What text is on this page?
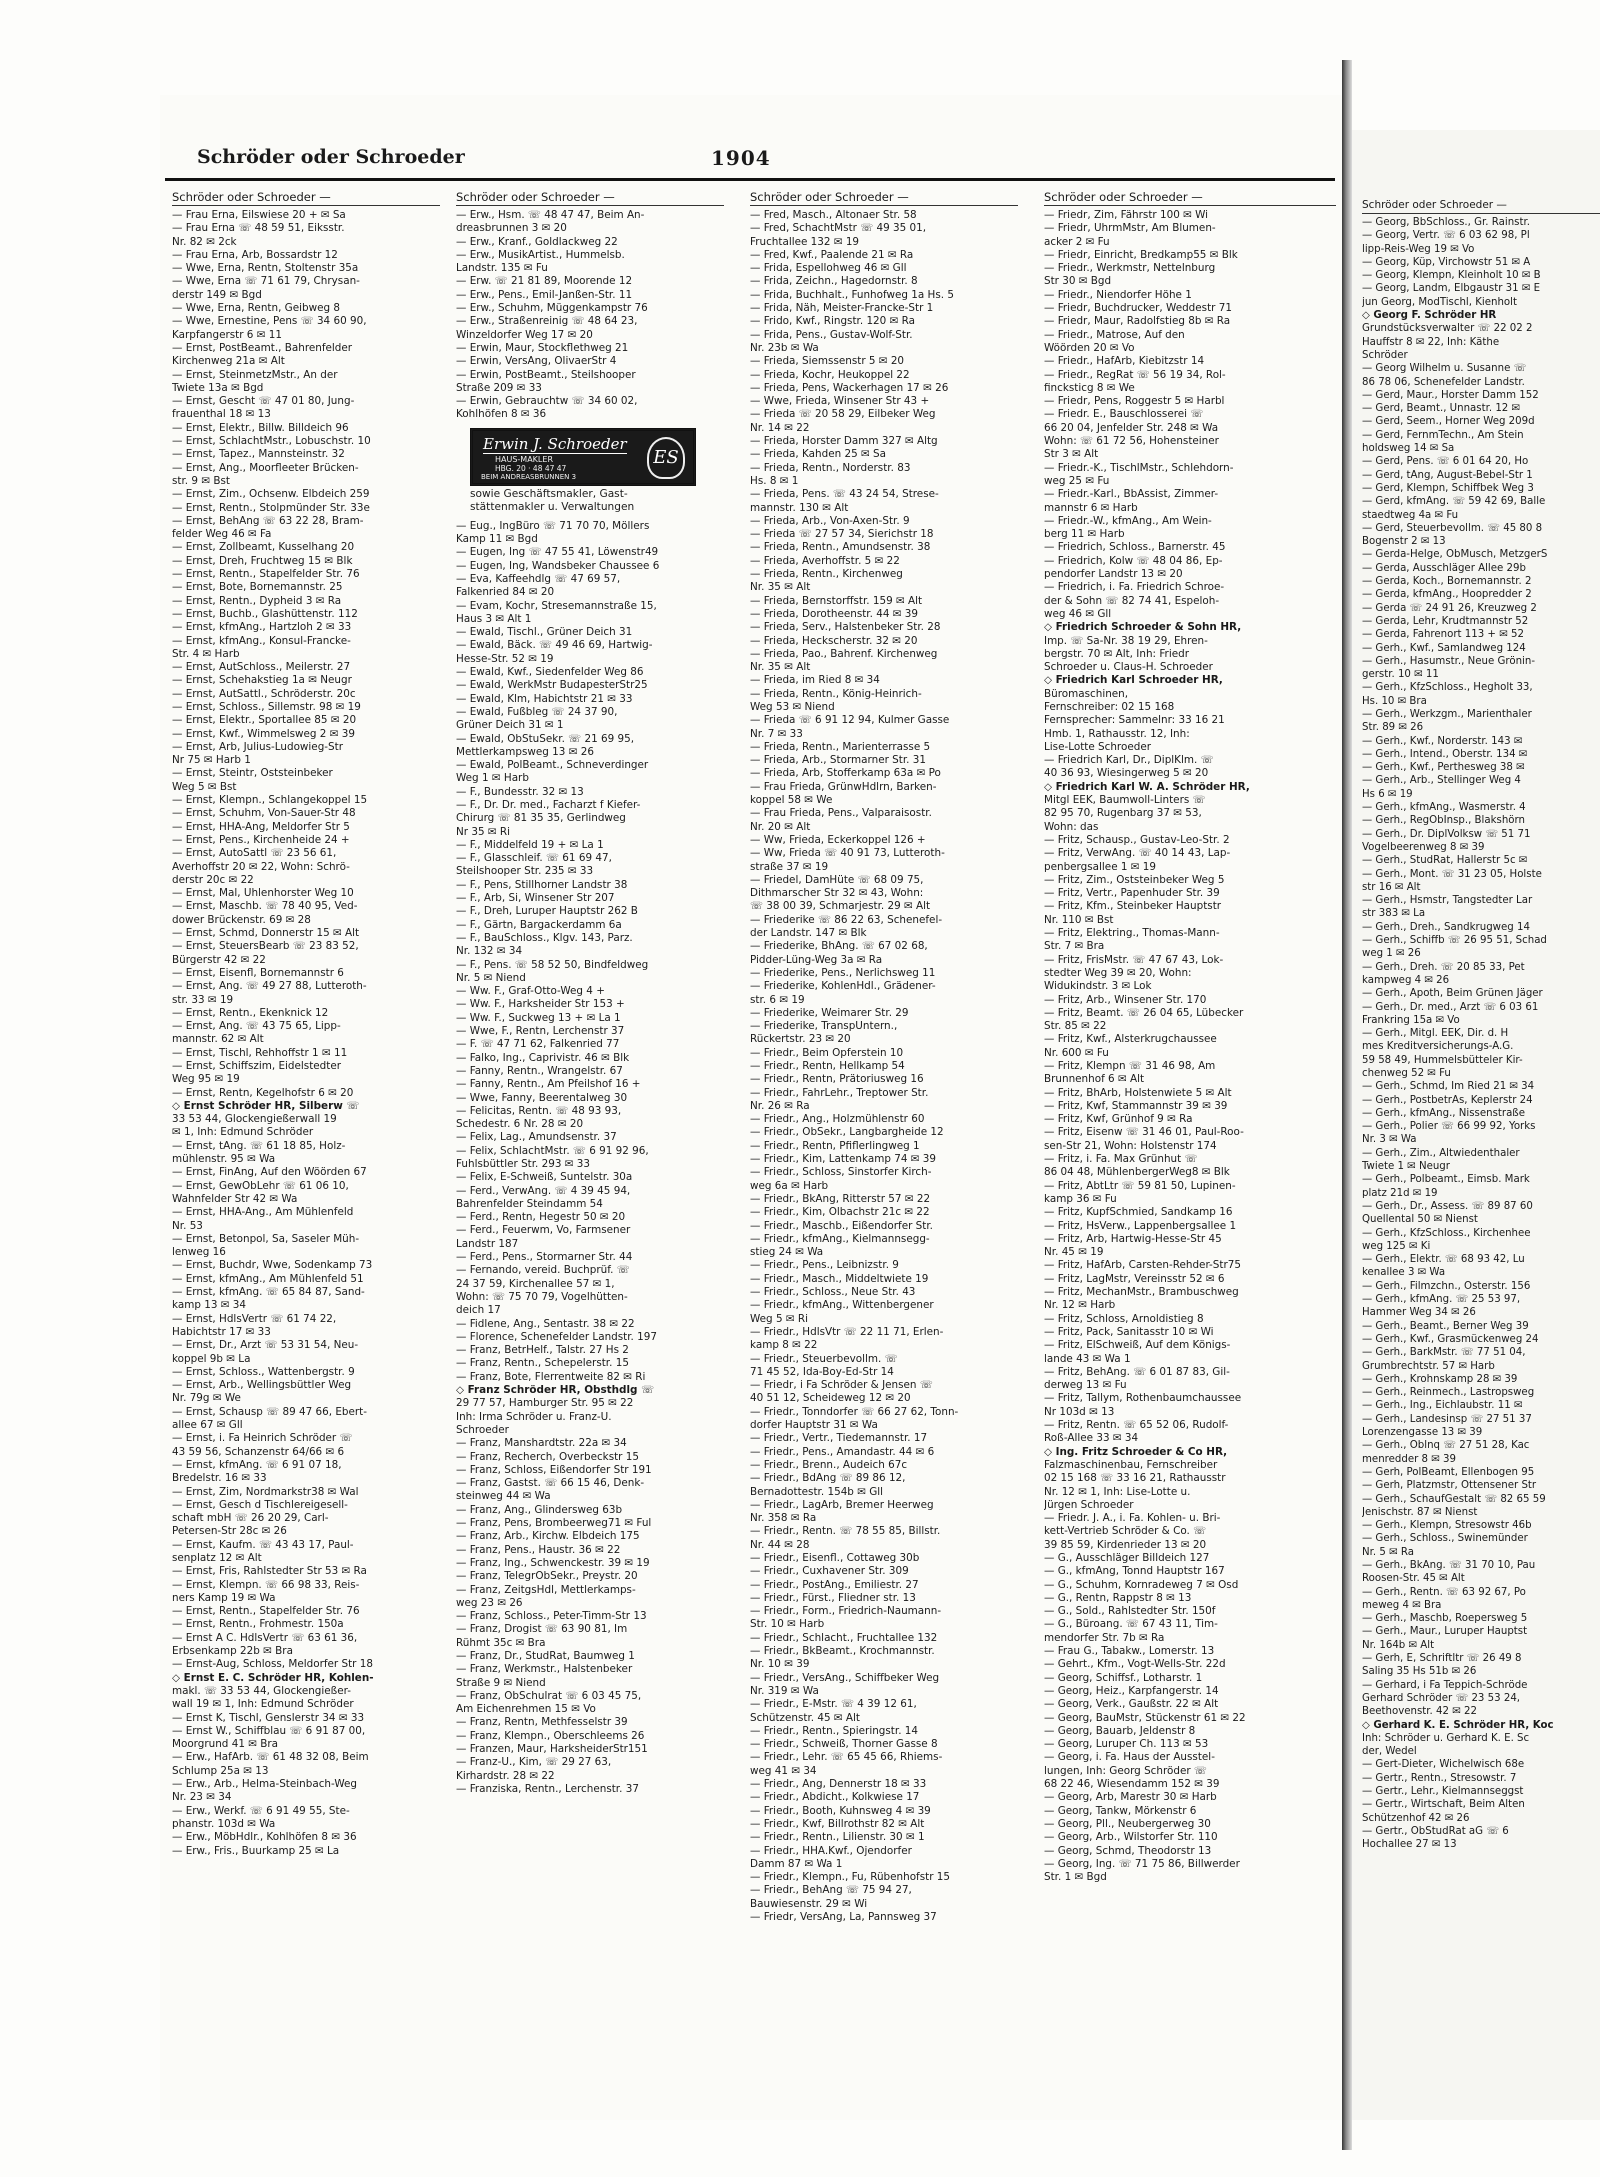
Schröder oder Schroeder	1904
Schröder oder Schroeder —
— Frau Erna, Eilswiese 20 + ✉ Sa
— Frau Erna ☏ 48 59 51, Eiksstr.
Nr. 82 ✉ 2ck
— Frau Erna, Arb, Bossardstr 12
— Wwe, Erna, Rentn, Stoltenstr 35a
— Wwe, Erna ☏ 71 61 79, Chrysan-
derstr 149 ✉ Bgd
— Wwe, Erna, Rentn, Geibweg 8
— Wwe, Ernestine, Pens ☏ 34 60 90,
Karpfangerstr 6 ✉ 11
— Ernst, PostBeamt., Bahrenfelder
Kirchenweg 21a ✉ Alt
— Ernst, SteinmetzMstr., An der
Twiete 13a ✉ Bgd
— Ernst, Gescht ☏ 47 01 80, Jung-
frauenthal 18 ✉ 13
— Ernst, Elektr., Billw. Billdeich 96
— Ernst, SchlachtMstr., Lobuschstr. 10
— Ernst, Tapez., Mannsteinstr. 32
— Ernst, Ang., Moorfleeter Brücken-
str. 9 ✉ Bst
— Ernst, Zim., Ochsenw. Elbdeich 259
— Ernst, Rentn., Stolpmünder Str. 33e
— Ernst, BehAng ☏ 63 22 28, Bram-
felder Weg 46 ✉ Fa
— Ernst, Zollbeamt, Kusselhang 20
— Ernst, Dreh, Fruchtweg 15 ✉ Blk
— Ernst, Rentn., Stapelfelder Str. 76
— Ernst, Bote, Bornemannstr. 25
— Ernst, Rentn., Dypheid 3 ✉ Ra
— Ernst, Buchb., Glashüttenstr. 112
— Ernst, kfmAng., Hartzloh 2 ✉ 33
— Ernst, kfmAng., Konsul-Francke-
Str. 4 ✉ Harb
— Ernst, AutSchloss., Meilerstr. 27
— Ernst, Schehakstieg 1a ✉ Neugr
— Ernst, AutSattl., Schröderstr. 20c
— Ernst, Schloss., Sillemstr. 98 ✉ 19
— Ernst, Elektr., Sportallee 85 ✉ 20
— Ernst, Kwf., Wimmelsweg 2 ✉ 39
— Ernst, Arb, Julius-Ludowieg-Str
Nr 75 ✉ Harb 1
— Ernst, Steintr, Oststeinbeker
Weg 5 ✉ Bst
— Ernst, Klempn., Schlangekoppel 15
— Ernst, Schuhm, Von-Sauer-Str 48
— Ernst, HHA-Ang, Meldorfer Str 5
— Ernst, Pens., Kirchenheide 24 +
— Ernst, AutoSattl ☏ 23 56 61,
Averhoffstr 20 ✉ 22, Wohn: Schrö-
derstr 20c ✉ 22
— Ernst, Mal, Uhlenhorster Weg 10
— Ernst, Maschb. ☏ 78 40 95, Ved-
dower Brückenstr. 69 ✉ 28
— Ernst, Schmd, Donnerstr 15 ✉ Alt
— Ernst, SteuersBearb ☏ 23 83 52,
Bürgerstr 42 ✉ 22
— Ernst, Eisenfl, Bornemannstr 6
— Ernst, Ang. ☏ 49 27 88, Lutteroth-
str. 33 ✉ 19
— Ernst, Rentn., Ekenknick 12
— Ernst, Ang. ☏ 43 75 65, Lipp-
mannstr. 62 ✉ Alt
— Ernst, Tischl, Rehhoffstr 1 ✉ 11
— Ernst, Schiffszim, Eidelstedter
Weg 95 ✉ 19
— Ernst, Rentn, Kegelhofstr 6 ✉ 20
◇ Ernst Schröder HR, Silberw ☏
33 53 44, Glockengießerwall 19
✉ 1, Inh: Edmund Schröder
— Ernst, tAng. ☏ 61 18 85, Holz-
mühlenstr. 95 ✉ Wa
— Ernst, FinAng, Auf den Wöörden 67
— Ernst, GewObLehr ☏ 61 06 10,
Wahnfelder Str 42 ✉ Wa
— Ernst, HHA-Ang., Am Mühlenfeld
Nr. 53
— Ernst, Betonpol, Sa, Saseler Müh-
lenweg 16
— Ernst, Buchdr, Wwe, Sodenkamp 73
— Ernst, kfmAng., Am Mühlenfeld 51
— Ernst, kfmAng. ☏ 65 84 87, Sand-
kamp 13 ✉ 34
— Ernst, HdlsVertr ☏ 61 74 22,
Habichtstr 17 ✉ 33
— Ernst, Dr., Arzt ☏ 53 31 54, Neu-
koppel 9b ✉ La
— Ernst, Schloss., Wattenbergstr. 9
— Ernst, Arb., Wellingsbüttler Weg
Nr. 79g ✉ We
— Ernst, Schausp ☏ 89 47 66, Ebert-
allee 67 ✉ Gll
— Ernst, i. Fa Heinrich Schröder ☏
43 59 56, Schanzenstr 64/66 ✉ 6
— Ernst, kfmAng. ☏ 6 91 07 18,
Bredelstr. 16 ✉ 33
— Ernst, Zim, Nordmarkstr38 ✉ Wal
— Ernst, Gesch d Tischlereigesell-
schaft mbH ☏ 26 20 29, Carl-
Petersen-Str 28c ✉ 26
— Ernst, Kaufm. ☏ 43 43 17, Paul-
senplatz 12 ✉ Alt
— Ernst, Fris, Rahlstedter Str 53 ✉ Ra
— Ernst, Klempn. ☏ 66 98 33, Reis-
ners Kamp 19 ✉ Wa
— Ernst, Rentn., Stapelfelder Str. 76
— Ernst, Rentn., Frohmestr. 150a
— Ernst A C. HdlsVertr ☏ 63 61 36,
Erbsenkamp 22b ✉ Bra
— Ernst-Aug, Schloss, Meldorfer Str 18
◇ Ernst E. C. Schröder HR, Kohlen-
makl. ☏ 33 53 44, Glockengießer-
wall 19 ✉ 1, Inh: Edmund Schröder
— Ernst K, Tischl, Genslerstr 34 ✉ 33
— Ernst W., Schiffblau ☏ 6 91 87 00,
Moorgrund 41 ✉ Bra
— Erw., HafArb. ☏ 61 48 32 08, Beim
Schlump 25a ✉ 13
— Erw., Arb., Helma-Steinbach-Weg
Nr. 23 ✉ 34
— Erw., Werkf. ☏ 6 91 49 55, Ste-
phanstr. 103d ✉ Wa
— Erw., MöbHdlr., Kohlhöfen 8 ✉ 36
— Erw., Fris., Buurkamp 25 ✉ La
Schröder oder Schroeder —
— Erw., Hsm. ☏ 48 47 47, Beim An-
dreasbrunnen 3 ✉ 20
— Erw., Kranf., Goldlackweg 22
— Erw., MusikArtist., Hummelsb.
Landstr. 135 ✉ Fu
— Erw. ☏ 21 81 89, Moorende 12
— Erw., Pens., Emil-Janßen-Str. 11
— Erw., Schuhm, Müggenkampstr 76
— Erw., Straßenreinig ☏ 48 64 23,
Winzeldorfer Weg 17 ✉ 20
— Erwin, Maur, Stockflethweg 21
— Erwin, VersAng, OlivaerStr 4
— Erwin, PostBeamt., Steilshooper
Straße 209 ✉ 33
— Erwin, Gebrauchtw ☏ 34 60 02,
Kohlhöfen 8 ✉ 36
Erwin J. Schroeder
HAUS-MAKLER
HBG. 20 · 48 47 47
BEIM ANDREASBRUNNEN 3
ES
sowie Geschäftsmakler, Gast-
stättenmakler u. Verwaltungen
— Eug., IngBüro ☏ 71 70 70, Möllers
Kamp 11 ✉ Bgd
— Eugen, Ing ☏ 47 55 41, Löwenstr49
— Eugen, Ing, Wandsbeker Chaussee 6
— Eva, Kaffeehdlg ☏ 47 69 57,
Falkenried 84 ✉ 20
— Evam, Kochr, Stresemannstraße 15,
Haus 3 ✉ Alt 1
— Ewald, Tischl., Grüner Deich 31
— Ewald, Bäck. ☏ 49 46 69, Hartwig-
Hesse-Str. 52 ✉ 19
— Ewald, Kwf., Siedenfelder Weg 86
— Ewald, WerkMstr BudapesterStr25
— Ewald, Klm, Habichtstr 21 ✉ 33
— Ewald, Fußbleg ☏ 24 37 90,
Grüner Deich 31 ✉ 1
— Ewald, ObStuSekr. ☏ 21 69 95,
Mettlerkampsweg 13 ✉ 26
— Ewald, PolBeamt., Schneverdinger
Weg 1 ✉ Harb
— F., Bundesstr. 32 ✉ 13
— F., Dr. Dr. med., Facharzt f Kiefer-
Chirurg ☏ 81 35 35, Gerlindweg
Nr 35 ✉ Ri
— F., Middelfeld 19 + ✉ La 1
— F., Glasschleif. ☏ 61 69 47,
Steilshooper Str. 235 ✉ 33
— F., Pens, Stillhorner Landstr 38
— F., Arb, Si, Winsener Str 207
— F., Dreh, Luruper Hauptstr 262 B
— F., Gärtn, Bargackerdamm 6a
— F., BauSchloss., Klgv. 143, Parz.
Nr. 132 ✉ 34
— F., Pens. ☏ 58 52 50, Bindfeldweg
Nr. 5 ✉ Niend
— Ww. F., Graf-Otto-Weg 4 +
— Ww. F., Harksheider Str 153 +
— Ww. F., Suckweg 13 + ✉ La 1
— Wwe, F., Rentn, Lerchenstr 37
— F. ☏ 47 71 62, Falkenried 77
— Falko, Ing., Caprivistr. 46 ✉ Blk
— Fanny, Rentn., Wrangelstr. 67
— Fanny, Rentn., Am Pfeilshof 16 +
— Wwe, Fanny, Beerentalweg 30
— Felicitas, Rentn. ☏ 48 93 93,
Schedestr. 6 Nr. 28 ✉ 20
— Felix, Lag., Amundsenstr. 37
— Felix, SchlachtMstr. ☏ 6 91 92 96,
Fuhlsbüttler Str. 293 ✉ 33
— Felix, E-Schweiß, Suntelstr. 30a
— Ferd., VerwAng. ☏ 4 39 45 94,
Bahrenfelder Steindamm 54
— Ferd., Rentn, Hegestr 50 ✉ 20
— Ferd., Feuerwm, Vo, Farmsener
Landstr 187
— Ferd., Pens., Stormarner Str. 44
— Fernando, vereid. Buchprüf. ☏
24 37 59, Kirchenallee 57 ✉ 1,
Wohn: ☏ 75 70 79, Vogelhütten-
deich 17
— Fidlene, Ang., Sentastr. 38 ✉ 22
— Florence, Schenefelder Landstr. 197
— Franz, BetrHelf., Talstr. 27 Hs 2
— Franz, Rentn., Schepelerstr. 15
— Franz, Bote, Flerrentweite 82 ✉ Ri
◇ Franz Schröder HR, Obsthdlg ☏
29 77 57, Hamburger Str. 95 ✉ 22
Inh: Irma Schröder u. Franz-U.
Schroeder
— Franz, Manshardtstr. 22a ✉ 34
— Franz, Recherch, Overbeckstr 15
— Franz, Schloss, Eißendorfer Str 191
— Franz, Gastst. ☏ 66 15 46, Denk-
steinweg 44 ✉ Wa
— Franz, Ang., Glindersweg 63b
— Franz, Pens, Brombeerweg71 ✉ Ful
— Franz, Arb., Kirchw. Elbdeich 175
— Franz, Pens., Haustr. 36 ✉ 22
— Franz, Ing., Schwenckestr. 39 ✉ 19
— Franz, TelegrObSekr., Preystr. 20
— Franz, ZeitgsHdl, Mettlerkamps-
weg 23 ✉ 26
— Franz, Schloss., Peter-Timm-Str 13
— Franz, Drogist ☏ 63 90 81, Im
Rühmt 35c ✉ Bra
— Franz, Dr., StudRat, Baumweg 1
— Franz, Werkmstr., Halstenbeker
Straße 9 ✉ Niend
— Franz, ObSchulrat ☏ 6 03 45 75,
Am Eichenrehmen 15 ✉ Vo
— Franz, Rentn, Methfesselstr 39
— Franz, Klempn., Oberschleems 26
— Franzen, Maur, HarksheiderStr151
— Franz-U., Kim, ☏ 29 27 63,
Kirhardstr. 28 ✉ 22
— Franziska, Rentn., Lerchenstr. 37
Schröder oder Schroeder —
— Fred, Masch., Altonaer Str. 58
— Fred, SchachtMstr ☏ 49 35 01,
Fruchtallee 132 ✉ 19
— Fred, Kwf., Paalende 21 ✉ Ra
— Frida, Espellohweg 46 ✉ Gll
— Frida, Zeichn., Hagedornstr. 8
— Frida, Buchhalt., Funhofweg 1a Hs. 5
— Frida, Näh, Meister-Francke-Str 1
— Frido, Kwf., Ringstr. 120 ✉ Ra
— Frida, Pens., Gustav-Wolf-Str.
Nr. 23b ✉ Wa
— Frieda, Siemssenstr 5 ✉ 20
— Frieda, Kochr, Heukoppel 22
— Frieda, Pens, Wackerhagen 17 ✉ 26
— Wwe, Frieda, Winsener Str 43 +
— Frieda ☏ 20 58 29, Eilbeker Weg
Nr. 14 ✉ 22
— Frieda, Horster Damm 327 ✉ Altg
— Frieda, Kahden 25 ✉ Sa
— Frieda, Rentn., Norderstr. 83
Hs. 8 ✉ 1
— Frieda, Pens. ☏ 43 24 54, Strese-
mannstr. 130 ✉ Alt
— Frieda, Arb., Von-Axen-Str. 9
— Frieda ☏ 27 57 34, Sierichstr 18
— Frieda, Rentn., Amundsenstr. 38
— Frieda, Averhoffstr. 5 ✉ 22
— Frieda, Rentn., Kirchenweg
Nr. 35 ✉ Alt
— Frieda, Bernstorffstr. 159 ✉ Alt
— Frieda, Dorotheenstr. 44 ✉ 39
— Frieda, Serv., Halstenbeker Str. 28
— Frieda, Heckscherstr. 32 ✉ 20
— Frieda, Pao., Bahrenf. Kirchenweg
Nr. 35 ✉ Alt
— Frieda, im Ried 8 ✉ 34
— Frieda, Rentn., König-Heinrich-
Weg 53 ✉ Niend
— Frieda ☏ 6 91 12 94, Kulmer Gasse
Nr. 7 ✉ 33
— Frieda, Rentn., Marienterrasse 5
— Frieda, Arb., Stormarner Str. 31
— Frieda, Arb, Stofferkamp 63a ✉ Po
— Frau Frieda, GrünwHdlrn, Barken-
koppel 58 ✉ We
— Frau Frieda, Pens., Valparaisostr.
Nr. 20 ✉ Alt
— Ww, Frieda, Eckerkoppel 126 +
— Ww, Frieda ☏ 40 91 73, Lutteroth-
straße 37 ✉ 19
— Friedel, DamHüte ☏ 68 09 75,
Dithmarscher Str 32 ✉ 43, Wohn:
☏ 38 00 39, Schmarjestr. 29 ✉ Alt
— Friederike ☏ 86 22 63, Schenefel-
der Landstr. 147 ✉ Blk
— Friederike, BhAng. ☏ 67 02 68,
Pidder-Lüng-Weg 3a ✉ Ra
— Friederike, Pens., Nerlichsweg 11
— Friederike, KohlenHdl., Grädener-
str. 6 ✉ 19
— Friederike, Weimarer Str. 29
— Friederike, TranspUntern.,
Rückertstr. 23 ✉ 20
— Friedr., Beim Opferstein 10
— Friedr., Rentn, Hellkamp 54
— Friedr., Rentn, Prätoriusweg 16
— Friedr., FahrLehr., Treptower Str.
Nr. 26 ✉ Ra
— Friedr., Ang., Holzmühlenstr 60
— Friedr., ObSekr., Langbargheide 12
— Friedr., Rentn, Pfiflerlingweg 1
— Friedr., Kim, Lattenkamp 74 ✉ 39
— Friedr., Schloss, Sinstorfer Kirch-
weg 6a ✉ Harb
— Friedr., BkAng, Ritterstr 57 ✉ 22
— Friedr., Kim, Olbachstr 21c ✉ 22
— Friedr., Maschb., Eißendorfer Str.
— Friedr., kfmAng., Kielmannsegg-
stieg 24 ✉ Wa
— Friedr., Pens., Leibnizstr. 9
— Friedr., Masch., Middeltwiete 19
— Friedr., Schloss., Neue Str. 43
— Friedr., kfmAng., Wittenbergener
Weg 5 ✉ Ri
— Friedr., HdlsVtr ☏ 22 11 71, Erlen-
kamp 8 ✉ 22
— Friedr., Steuerbevollm. ☏
71 45 52, Ida-Boy-Ed-Str 14
— Friedr, i Fa Schröder & Jensen ☏
40 51 12, Scheideweg 12 ✉ 20
— Friedr., Tonndorfer ☏ 66 27 62, Tonn-
dorfer Hauptstr 31 ✉ Wa
— Friedr., Vertr., Tiedemannstr. 17
— Friedr., Pens., Amandastr. 44 ✉ 6
— Friedr., Brenn., Audeich 67c
— Friedr., BdAng ☏ 89 86 12,
Bernadottestr. 154b ✉ Gll
— Friedr., LagArb, Bremer Heerweg
Nr. 358 ✉ Ra
— Friedr., Rentn. ☏ 78 55 85, Billstr.
Nr. 44 ✉ 28
— Friedr., Eisenfl., Cottaweg 30b
— Friedr., Cuxhavener Str. 309
— Friedr., PostAng., Emiliestr. 27
— Friedr., Fürst., Fliedner str. 13
— Friedr., Form., Friedrich-Naumann-
Str. 10 ✉ Harb
— Friedr., Schlacht., Fruchtallee 132
— Friedr., BkBeamt., Krochmannstr.
Nr. 10 ✉ 39
— Friedr., VersAng., Schiffbeker Weg
Nr. 319 ✉ Wa
— Friedr., E-Mstr. ☏ 4 39 12 61,
Schützenstr. 45 ✉ Alt
— Friedr., Rentn., Spieringstr. 14
— Friedr., Schweiß, Thorner Gasse 8
— Friedr., Lehr. ☏ 65 45 66, Rhiems-
weg 41 ✉ 34
— Friedr., Ang, Dennerstr 18 ✉ 33
— Friedr., Abdicht., Kolkwiese 17
— Friedr., Booth, Kuhnsweg 4 ✉ 39
— Friedr., Kwf, Billrothstr 82 ✉ Alt
— Friedr., Rentn., Lilienstr. 30 ✉ 1
— Friedr., HHA.Kwf., Ojendorfer
Damm 87 ✉ Wa 1
— Friedr., Klempn., Fu, Rübenhofstr 15
— Friedr., BehAng ☏ 75 94 27,
Bauwiesenstr. 29 ✉ Wi
— Friedr, VersAng, La, Pannsweg 37
Schröder oder Schroeder —
— Friedr, Zim, Fährstr 100 ✉ Wi
— Friedr, UhrmMstr, Am Blumen-
acker 2 ✉ Fu
— Friedr, Einricht, Bredkamp55 ✉ Blk
— Friedr., Werkmstr, Nettelnburg
Str 30 ✉ Bgd
— Friedr., Niendorfer Höhe 1
— Friedr, Buchdrucker, Weddestr 71
— Friedr, Maur, Radolfstieg 8b ✉ Ra
— Friedr., Matrose, Auf den
Wöörden 20 ✉ Vo
— Friedr., HafArb, Kiebitzstr 14
— Friedr., RegRat ☏ 56 19 34, Rol-
fincksticg 8 ✉ We
— Friedr, Pens, Roggestr 5 ✉ Harbl
— Friedr. E., Bauschlosserei ☏
66 20 04, Jenfelder Str. 248 ✉ Wa
Wohn: ☏ 61 72 56, Hohensteiner
Str 3 ✉ Alt
— Friedr.-K., TischlMstr., Schlehdorn-
weg 25 ✉ Fu
— Friedr.-Karl., BbAssist, Zimmer-
mannstr 6 ✉ Harb
— Friedr.-W., kfmAng., Am Wein-
berg 11 ✉ Harb
— Friedrich, Schloss., Barnerstr. 45
— Friedrich, Kolw ☏ 48 04 86, Ep-
pendorfer Landstr 13 ✉ 20
— Friedrich, i. Fa. Friedrich Schroe-
der & Sohn ☏ 82 74 41, Espeloh-
weg 46 ✉ Gll
◇ Friedrich Schroeder & Sohn HR,
Imp. ☏ Sa-Nr. 38 19 29, Ehren-
bergstr. 70 ✉ Alt, Inh: Friedr
Schroeder u. Claus-H. Schroeder
◇ Friedrich Karl Schroeder HR,
Büromaschinen,
Fernschreiber: 02 15 168
Fernsprecher: Sammelnr: 33 16 21
Hmb. 1, Rathausstr. 12, Inh:
Lise-Lotte Schroeder
— Friedrich Karl, Dr., DiplKlm. ☏
40 36 93, Wiesingerweg 5 ✉ 20
◇ Friedrich Karl W. A. Schröder HR,
Mitgl EEK, Baumwoll-Linters ☏
82 95 70, Rugenbarg 37 ✉ 53,
Wohn: das
— Fritz, Schausp., Gustav-Leo-Str. 2
— Fritz, VerwAng. ☏ 40 14 43, Lap-
penbergsallee 1 ✉ 19
— Fritz, Zim., Oststeinbeker Weg 5
— Fritz, Vertr., Papenhuder Str. 39
— Fritz, Kfm., Steinbeker Hauptstr
Nr. 110 ✉ Bst
— Fritz, Elektring., Thomas-Mann-
Str. 7 ✉ Bra
— Fritz, FrisMstr. ☏ 47 67 43, Lok-
stedter Weg 39 ✉ 20, Wohn:
Widukindstr. 3 ✉ Lok
— Fritz, Arb., Winsener Str. 170
— Fritz, Beamt. ☏ 26 04 65, Lübecker
Str. 85 ✉ 22
— Fritz, Kwf., Alsterkrugchaussee
Nr. 600 ✉ Fu
— Fritz, Klempn ☏ 31 46 98, Am
Brunnenhof 6 ✉ Alt
— Fritz, BhArb, Holstenwiete 5 ✉ Alt
— Fritz, Kwf, Stammannstr 39 ✉ 39
— Fritz, Kwf, Grünhof 9 ✉ Ra
— Fritz, Eisenw ☏ 31 46 01, Paul-Roo-
sen-Str 21, Wohn: Holstenstr 174
— Fritz, i. Fa. Max Grünhut ☏
86 04 48, MühlenbergerWeg8 ✉ Blk
— Fritz, AbtLtr ☏ 59 81 50, Lupinen-
kamp 36 ✉ Fu
— Fritz, KupfSchmied, Sandkamp 16
— Fritz, HsVerw., Lappenbergsallee 1
— Fritz, Arb, Hartwig-Hesse-Str 45
Nr. 45 ✉ 19
— Fritz, HafArb, Carsten-Rehder-Str75
— Fritz, LagMstr, Vereinsstr 52 ✉ 6
— Fritz, MechanMstr., Brambuschweg
Nr. 12 ✉ Harb
— Fritz, Schloss, Arnoldistieg 8
— Fritz, Pack, Sanitasstr 10 ✉ Wi
— Fritz, ElSchweiß, Auf dem Königs-
lande 43 ✉ Wa 1
— Fritz, BehAng. ☏ 6 01 87 83, Gil-
derweg 13 ✉ Fu
— Fritz, Tallym, Rothenbaumchaussee
Nr 103d ✉ 13
— Fritz, Rentn. ☏ 65 52 06, Rudolf-
Roß-Allee 33 ✉ 34
◇ Ing. Fritz Schroeder & Co HR,
Falzmaschinenbau, Fernschreiber
02 15 168 ☏ 33 16 21, Rathausstr
Nr. 12 ✉ 1, Inh: Lise-Lotte u.
Jürgen Schroeder
— Friedr. J. A., i. Fa. Kohlen- u. Bri-
kett-Vertrieb Schröder & Co. ☏
39 85 59, Kirdenrieder 13 ✉ 20
— G., Ausschläger Billdeich 127
— G., kfmAng, Tonnd Hauptstr 167
— G., Schuhm, Kornradeweg 7 ✉ Osd
— G., Rentn, Rappstr 8 ✉ 13
— G., Sold., Rahlstedter Str. 150f
— G., Büroang. ☏ 67 43 11, Tim-
mendorfer Str. 7b ✉ Ra
— Frau G., Tabakw., Lomerstr. 13
— Gehrt., Kfm., Vogt-Wells-Str. 22d
— Georg, Schiffsf., Lotharstr. 1
— Georg, Heiz., Karpfangerstr. 14
— Georg, Verk., Gaußstr. 22 ✉ Alt
— Georg, BauMstr, Stückenstr 61 ✉ 22
— Georg, Bauarb, Jeldenstr 8
— Georg, Luruper Ch. 113 ✉ 53
— Georg, i. Fa. Haus der Ausstel-
lungen, Inh: Georg Schröder ☏
68 22 46, Wiesendamm 152 ✉ 39
— Georg, Arb, Marestr 30 ✉ Harb
— Georg, Tankw, Mörkenstr 6
— Georg, Pll., Neubergerweg 30
— Georg, Arb., Wilstorfer Str. 110
— Georg, Schmd, Theodorstr 13
— Georg, Ing. ☏ 71 75 86, Billwerder
Str. 1 ✉ Bgd
Schröder oder Schroeder —
— Georg, BbSchloss., Gr. Rainstr.
— Georg, Vertr. ☏ 6 03 62 98, Pl
lipp-Reis-Weg 19 ✉ Vo
— Georg, Küp, Virchowstr 51 ✉ A
— Georg, Klempn, Kleinholt 10 ✉ B
— Georg, Landm, Elbgaustr 31 ✉ E
jun Georg, ModTischl, Kienholt
◇ Georg F. Schröder HR
Grundstücksverwalter ☏ 22 02 2
Hauffstr 8 ✉ 22, Inh: Käthe
Schröder
— Georg Wilhelm u. Susanne ☏
86 78 06, Schenefelder Landstr.
— Gerd, Maur., Horster Damm 152
— Gerd, Beamt., Unnastr. 12 ✉
— Gerd, Seem., Horner Weg 209d
— Gerd, FernmTechn., Am Stein
holdsweg 14 ✉ Sa
— Gerd, Pens. ☏ 6 01 64 20, Ho
— Gerd, tAng, August-Bebel-Str 1
— Gerd, Klempn, Schiffbek Weg 3
— Gerd, kfmAng. ☏ 59 42 69, Balle
staedtweg 4a ✉ Fu
— Gerd, Steuerbevollm. ☏ 45 80 8
Bogenstr 2 ✉ 13
— Gerda-Helge, ObMusch, MetzgerS
— Gerda, Ausschläger Allee 29b
— Gerda, Koch., Bornemannstr. 2
— Gerda, kfmAng., Hoopredder 2
— Gerda ☏ 24 91 26, Kreuzweg 2
— Gerda, Lehr, Krudtmannstr 52
— Gerda, Fahrenort 113 + ✉ 52
— Gerh., Kwf., Samlandweg 124
— Gerh., Hasumstr., Neue Grönin-
gerstr. 10 ✉ 11
— Gerh., KfzSchloss., Hegholt 33,
Hs. 10 ✉ Bra
— Gerh., Werkzgm., Marienthaler
Str. 89 ✉ 26
— Gerh., Kwf., Norderstr. 143 ✉
— Gerh., Intend., Oberstr. 134 ✉
— Gerh., Kwf., Perthesweg 38 ✉
— Gerh., Arb., Stellinger Weg 4
Hs 6 ✉ 19
— Gerh., kfmAng., Wasmerstr. 4
— Gerh., RegObInsp., Blakshörn
— Gerh., Dr. DiplVolksw ☏ 51 71
Vogelbeerenweg 8 ✉ 39
— Gerh., StudRat, Hallerstr 5c ✉
— Gerh., Mont. ☏ 31 23 05, Holste
str 16 ✉ Alt
— Gerh., Hsmstr, Tangstedter Lar
str 383 ✉ La
— Gerh., Dreh., Sandkrugweg 14
— Gerh., Schiffb ☏ 26 95 51, Schad
weg 1 ✉ 26
— Gerh., Dreh. ☏ 20 85 33, Pet
kampweg 4 ✉ 26
— Gerh., Apoth, Beim Grünen Jäger
— Gerh., Dr. med., Arzt ☏ 6 03 61
Frankring 15a ✉ Vo
— Gerh., Mitgl. EEK, Dir. d. H
mes Kreditversicherungs-A.G.
59 58 49, Hummelsbütteler Kir-
chenweg 52 ✉ Fu
— Gerh., Schmd, Im Ried 21 ✉ 34
— Gerh., PostbetrAs, Keplerstr 24
— Gerh., kfmAng., Nissenstraße
— Gerh., Polier ☏ 66 99 92, Yorks
Nr. 3 ✉ Wa
— Gerh., Zim., Altwiedenthaler
Twiete 1 ✉ Neugr
— Gerh., Polbeamt., Eimsb. Mark
platz 21d ✉ 19
— Gerh., Dr., Assess. ☏ 89 87 60
Quellental 50 ✉ Nienst
— Gerh., KfzSchloss., Kirchenhee
weg 125 ✉ Ki
— Gerh., Elektr. ☏ 68 93 42, Lu
kenallee 3 ✉ Wa
— Gerh., Filmzchn., Osterstr. 156
— Gerh., kfmAng. ☏ 25 53 97,
Hammer Weg 34 ✉ 26
— Gerh., Beamt., Berner Weg 39
— Gerh., Kwf., Grasmückenweg 24
— Gerh., BarkMstr. ☏ 77 51 04,
Grumbrechtstr. 57 ✉ Harb
— Gerh., Krohnskamp 28 ✉ 39
— Gerh., Reinmech., Lastropsweg
— Gerh., Ing., Eichlaubstr. 11 ✉
— Gerh., Landesinsp ☏ 27 51 37
Lorenzengasse 13 ✉ 39
— Gerh., Oblnq ☏ 27 51 28, Kac
menredder 8 ✉ 39
— Gerh, PolBeamt, Ellenbogen 95
— Gerh, Platzmstr, Ottensener Str
— Gerh., SchaufGestalt ☏ 82 65 59
Jenischstr. 87 ✉ Nienst
— Gerh., Klempn, Stresowstr 46b
— Gerh., Schloss., Swinemünder
Nr. 5 ✉ Ra
— Gerh., BkAng. ☏ 31 70 10, Pau
Roosen-Str. 45 ✉ Alt
— Gerh., Rentn. ☏ 63 92 67, Po
meweg 4 ✉ Bra
— Gerh., Maschb, Roepersweg 5
— Gerh., Maur., Luruper Hauptst
Nr. 164b ✉ Alt
— Gerh, E, Schriftltr ☏ 26 49 8
Saling 35 Hs 51b ✉ 26
— Gerhard, i Fa Teppich-Schröde
Gerhard Schröder ☏ 23 53 24,
Beethovenstr. 42 ✉ 22
◇ Gerhard K. E. Schröder HR, Koc
Inh: Schröder u. Gerhard K. E. Sc
der, Wedel
— Gert-Dieter, Wichelwisch 68e
— Gertr., Rentn., Stresowstr. 7
— Gertr., Lehr., Kielmannseggst
— Gertr., Wirtschaft, Beim Alten
Schützenhof 42 ✉ 26
— Gertr., ObStudRat aG ☏ 6
Hochallee 27 ✉ 13
